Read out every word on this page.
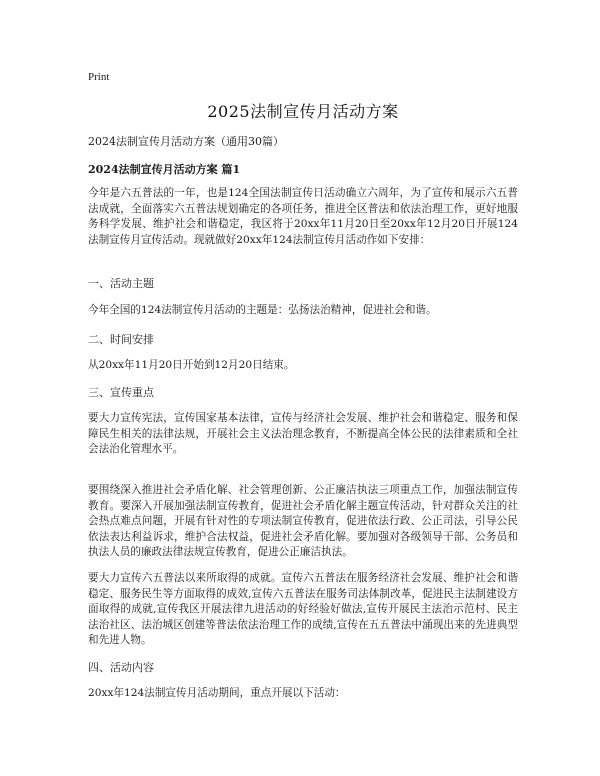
Print
2025法制宣传月活动方案
2024法制宣传月活动方案（通用30篇）
2024法制宣传月活动方案 篇1
今年是六五普法的一年，也是124全国法制宣传日活动确立六周年，为了宣传和展示六五普法成就，全面落实六五普法规划确定的各项任务，推进全区普法和依法治理工作，更好地服务科学发展、维护社会和谐稳定，我区将于20xx年11月20日至20xx年12月20日开展124法制宣传月宣传活动。现就做好20xx年124法制宣传月活动作如下安排：
一、活动主题
今年全国的124法制宣传月活动的主题是：弘扬法治精神，促进社会和谐。
二、时间安排
从20xx年11月20日开始到12月20日结束。
三、宣传重点
要大力宣传宪法，宣传国家基本法律，宣传与经济社会发展、维护社会和谐稳定、服务和保障民生相关的法律法规，开展社会主义法治理念教育，不断提高全体公民的法律素质和全社会法治化管理水平。
要围绕深入推进社会矛盾化解、社会管理创新、公正廉洁执法三项重点工作，加强法制宣传教育。要深入开展加强法制宣传教育，促进社会矛盾化解主题宣传活动，针对群众关注的社会热点难点问题，开展有针对性的专项法制宣传教育，促进依法行政、公正司法，引导公民依法表达利益诉求，维护合法权益，促进社会矛盾化解。要加强对各级领导干部、公务员和执法人员的廉政法律法规宣传教育，促进公正廉洁执法。
要大力宣传六五普法以来所取得的成就。宣传六五普法在服务经济社会发展、维护社会和谐稳定、服务民生等方面取得的成效,宣传六五普法在服务司法体制改革，促进民主法制建设方面取得的成就,宣传我区开展法律九进活动的好经验好做法,宣传开展民主法治示范村、民主法治社区、法治城区创建等普法依法治理工作的成绩,宣传在五五普法中涌现出来的先进典型和先进人物。
四、活动内容
20xx年124法制宣传月活动期间，重点开展以下活动：
